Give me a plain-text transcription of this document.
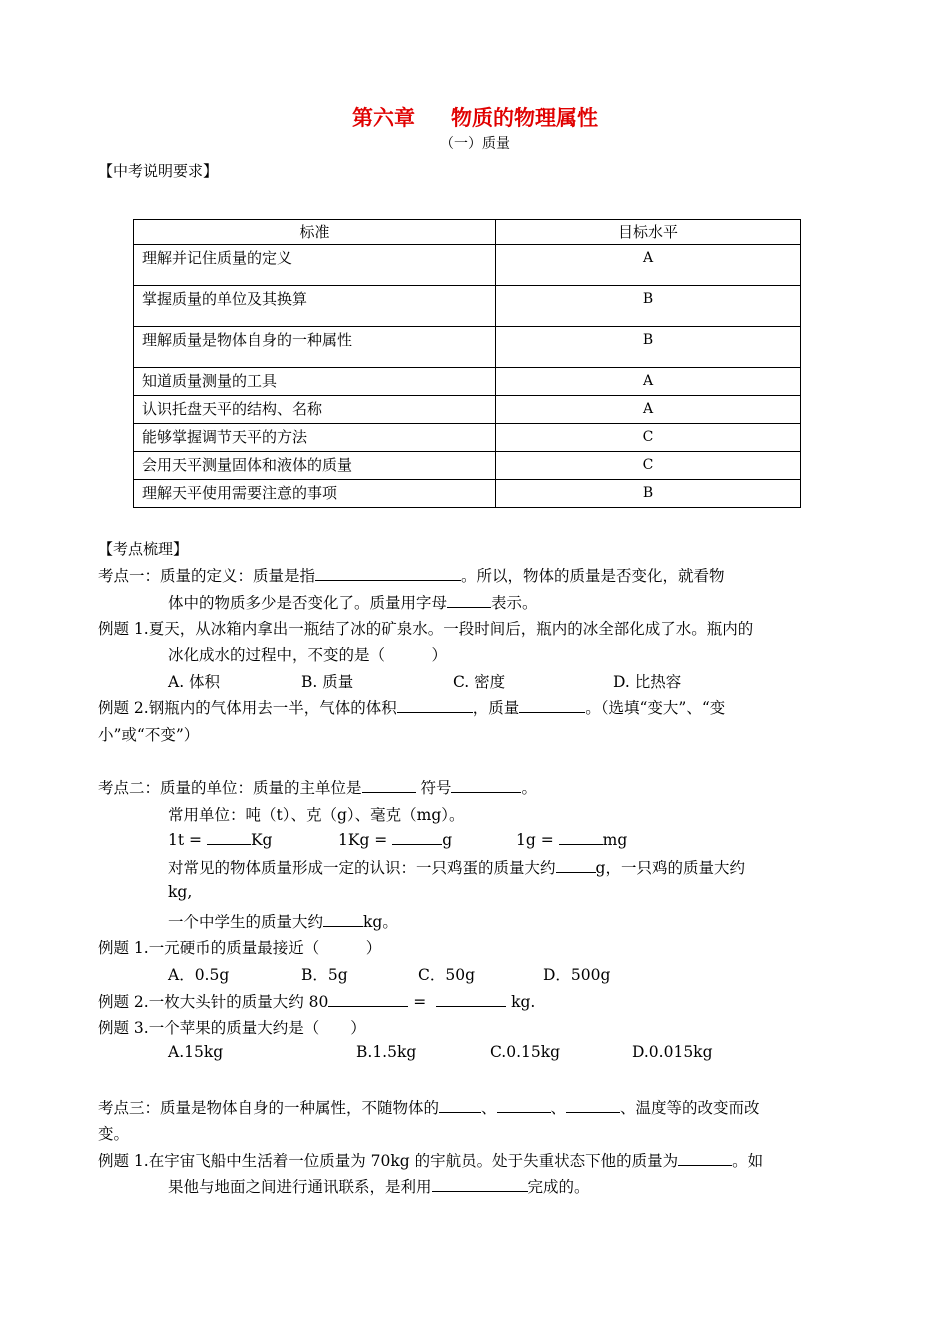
第六章 物质的物理属性
（一）质量
【中考说明要求】
标准	目标水平
理解并记住质量的定义	A
掌握质量的单位及其换算	B
理解质量是物体自身的一种属性	B
知道质量测量的工具	A
认识托盘天平的结构、名称	A
能够掌握调节天平的方法	C
会用天平测量固体和液体的质量	C
理解天平使用需要注意的事项	B
【考点梳理】
考点一：质量的定义：质量是指	。所以，物体的质量是否变化，就看物
体中的物质多少是否变化了。质量用字母	表示。
例题 1.夏天，从冰箱内拿出一瓶结了冰的矿泉水。一段时间后，瓶内的冰全部化成了水。瓶内的
冰化成水的过程中，不变的是（　　　）
A. 体积	B. 质量	C. 密度	D. 比热容
例题 2.钢瓶内的气体用去一半，气体的体积	，质量	。（选填“变大”、“变
小”或“不变”）
考点二：质量的单位：质量的主单位是	符号	。
常用单位：吨（t）、克（g）、毫克（mg）。
1t =	Kg	1Kg =	g	1g =	mg
对常见的物体质量形成一定的认识：一只鸡蛋的质量大约	g，一只鸡的质量大约
kg,
一个中学生的质量大约	kg。
例题 1.一元硬币的质量最接近（　　　）
A．0.5g	B．5g	C．50g	D．500g
例题 2.一枚大头针的质量大约 80	=	kg.
例题 3.一个苹果的质量大约是（　　）
A.15kg	B.1.5kg	C.0.15kg	D.0.015kg
考点三：质量是物体自身的一种属性，不随物体的	、	、	、温度等的改变而改
变。
例题 1.在宇宙飞船中生活着一位质量为 70kg 的宇航员。处于失重状态下他的质量为	。如
果他与地面之间进行通讯联系，是利用	完成的。
